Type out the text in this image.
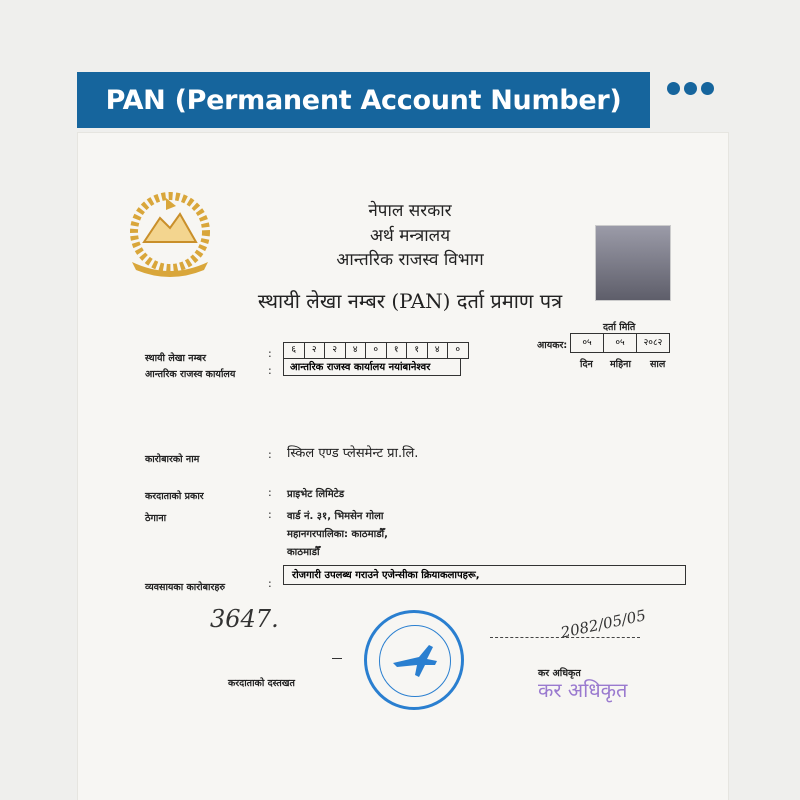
PAN (Permanent Account Number)
नेपाल सरकार
अर्थ मन्त्रालय
आन्तरिक राजस्व विभाग
स्थायी लेखा नम्बर (PAN) दर्ता प्रमाण पत्र
दर्ता मिति
आयकर:	०५	०५	२०८२
दिन महिना साल
स्थायी लेखा नम्बर	:	६	२	२	४	०	१	१	४	०
आन्तरिक राजस्व कार्यालय	:	आन्तरिक राजस्व कार्यालय नयांबानेश्वर
कारोबारको नाम	: स्किल एण्ड प्लेसमेन्ट प्रा.लि.
करदाताको प्रकार	: प्राइभेट लिमिटेड
ठेगाना	: वार्ड नं. ३१, भिमसेन गोला
महानगरपालिका: काठमाडौँ,
काठमाडौँ
व्यवसायका कारोबारहरु	:
रोजगारी उपलब्ध गराउने एजेन्सीका क्रियाकलापहरू,
3647.
करदाताको दस्तखत
2082/05/05
कर अधिकृत
कर अधिकृत
